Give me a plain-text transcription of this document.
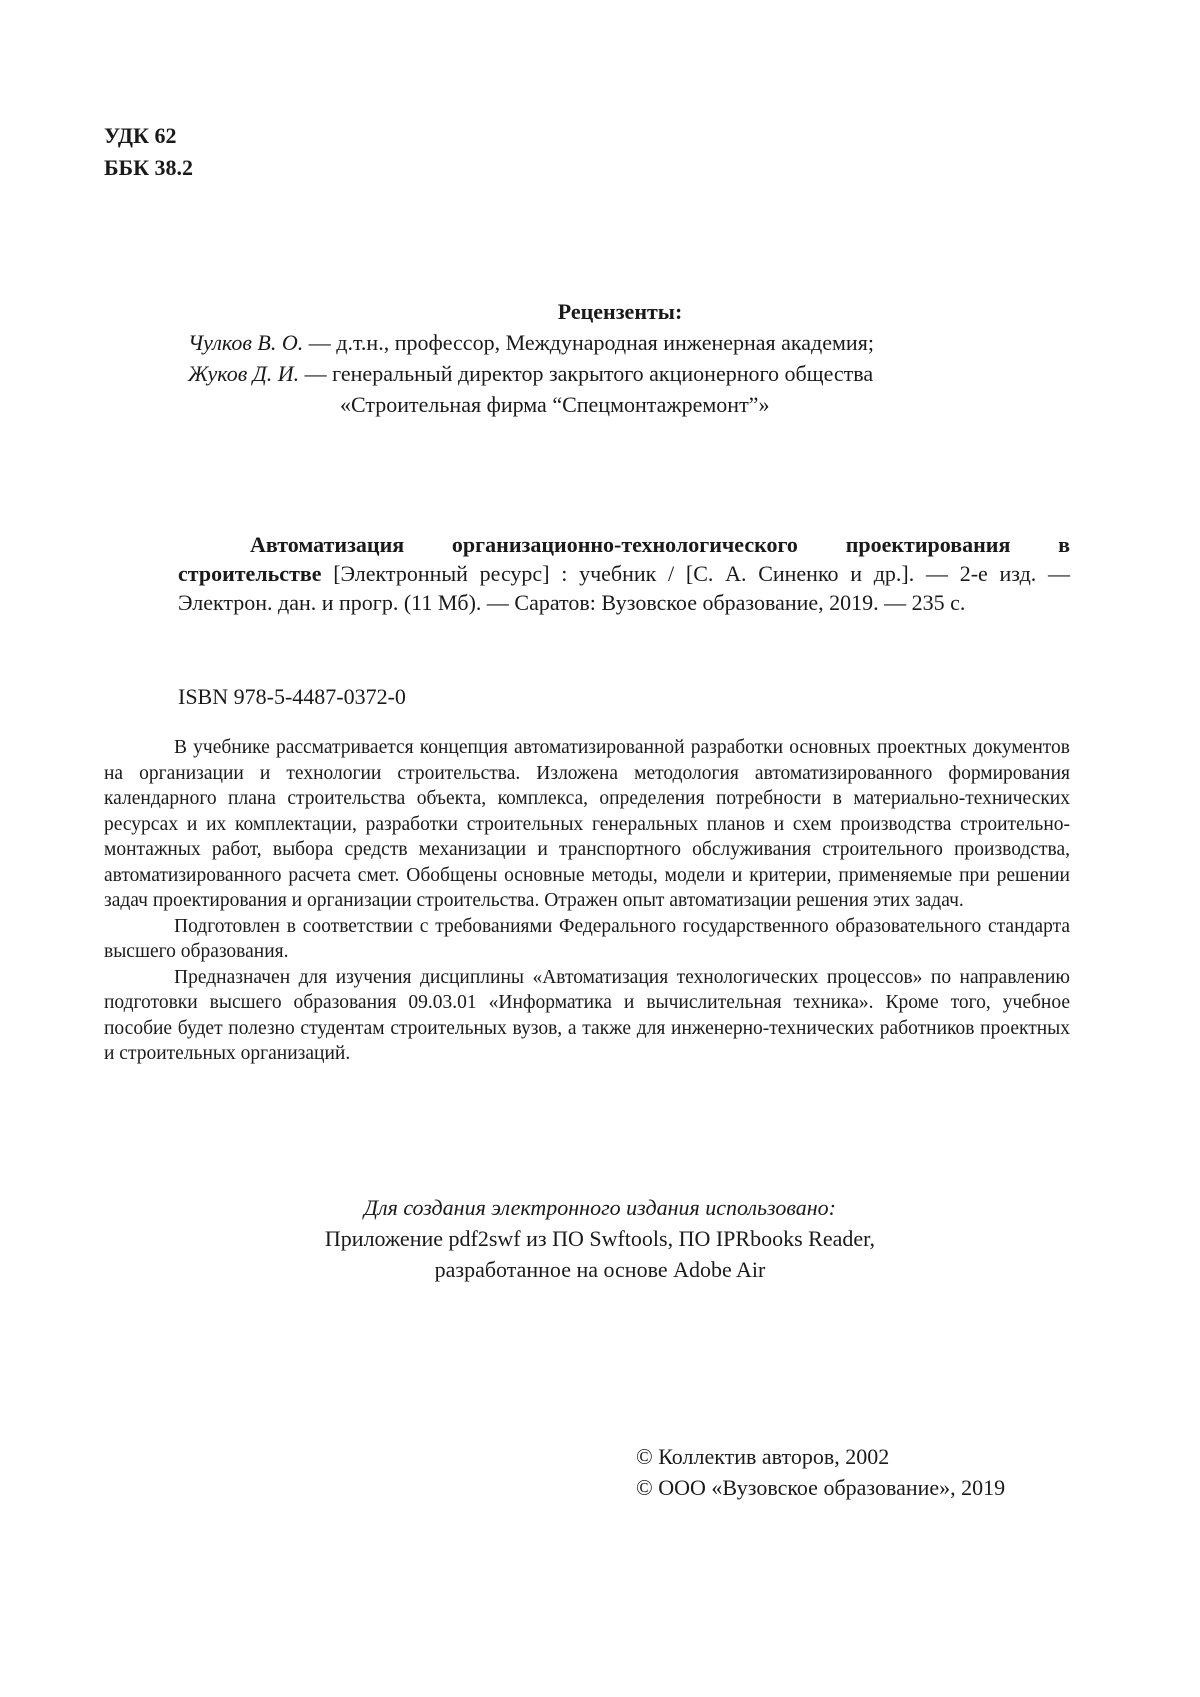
УДК 62
ББК 38.2
Рецензенты:
Чулков В. О. — д.т.н., профессор, Международная инженерная академия;
Жуков Д. И. — генеральный директор закрытого акционерного общества
«Строительная фирма “Спецмонтажремонт”»

Автоматизация организационно-технологического проектирования в строительстве [Электронный ресурс] : учебник / [С. А. Синенко и др.]. — 2-е изд. — Электрон. дан. и прогр. (11 Мб). — Саратов: Вузовское образование, 2019. — 235 c.

ISBN 978-5-4487-0372-0

В учебнике рассматривается концепция автоматизированной разработки основных проектных документов на организации и технологии строительства. Изложена методология автоматизированного формирования календарного плана строительства объекта, комплекса, определения потребности в материально-технических ресурсах и их комплектации, разработки строительных генеральных планов и схем производства строительно-монтажных работ, выбора средств механизации и транспортного обслуживания строительного производства, автоматизированного расчета смет. Обобщены основные методы, модели и критерии, применяемые при решении задач проектирования и организации строительства. Отражен опыт автоматизации решения этих задач.

Подготовлен в соответствии с требованиями Федерального государственного образовательного стандарта высшего образования.

Предназначен для изучения дисциплины «Автоматизация технологических процессов» по направлению подготовки высшего образования 09.03.01 «Информатика и вычислительная техника». Кроме того, учебное пособие будет полезно студентам строительных вузов, а также для инженерно-технических работников проектных и строительных организаций.

Для создания электронного издания использовано:
Приложение pdf2swf из ПО Swftools, ПО IPRbooks Reader,
разработанное на основе Adobe Air
© Коллектив авторов, 2002
© ООО «Вузовское образование», 2019
